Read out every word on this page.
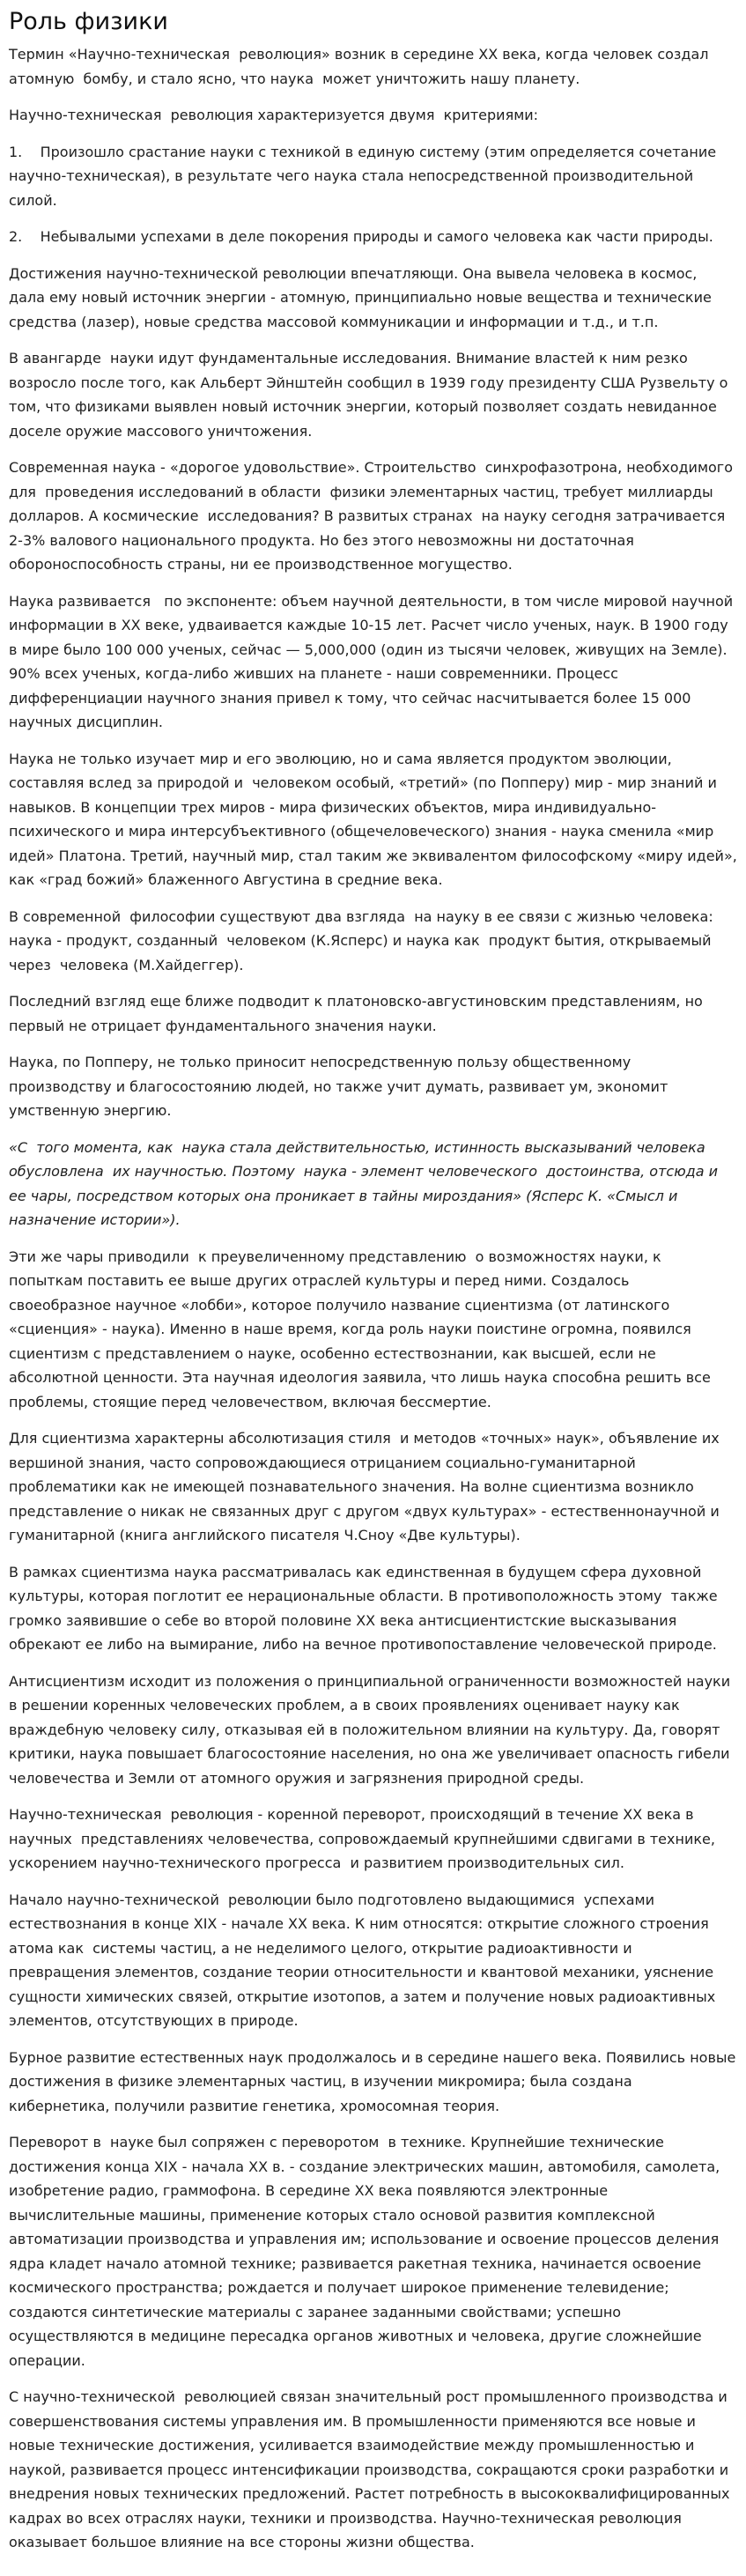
Роль физики

Термин «Научно-техническая  революция» возник в середине ХХ века, когда человек создал атомную  бомбу, и стало ясно, что наука  может уничтожить нашу планету.

Научно-техническая  революция характеризуется двумя  критериями:

1.    Произошло срастание науки с техникой в единую систему (этим определяется сочетание научно-техническая), в результате чего наука стала непосредственной производительной силой.

2.    Небывалыми успехами в деле покорения природы и самого человека как части природы.

Достижения научно-технической революции впечатляющи. Она вывела человека в космос, дала ему новый источник энергии - атомную, принципиально новые вещества и технические средства (лазер), новые средства массовой коммуникации и информации и т.д., и т.п.

В авангарде  науки идут фундаментальные исследования. Внимание властей к ним резко возросло после того, как Альберт Эйнштейн сообщил в 1939 году президенту США Рузвельту о том, что физиками выявлен новый источник энергии, который позволяет создать невиданное доселе оружие массового уничтожения.

Современная наука - «дорогое удовольствие». Строительство  синхрофазотрона, необходимого для  проведения исследований в области  физики элементарных частиц, требует миллиарды долларов. А космические  исследования? В развитых странах  на науку сегодня затрачивается 2-3% валового национального продукта. Но без этого невозможны ни достаточная обороноспособность страны, ни ее производственное могущество.

Наука развивается   по экспоненте: объем научной деятельности, в том числе мировой научной информации в ХХ веке, удваивается каждые 10-15 лет. Расчет число ученых, наук. В 1900 году в мире было 100 000 ученых, сейчас — 5,000,000 (один из тысячи человек, живущих на Земле). 90% всех ученых, когда-либо живших на планете - наши современники. Процесс дифференциации научного знания привел к тому, что сейчас насчитывается более 15 000 научных дисциплин.

Наука не только изучает мир и его эволюцию, но и сама является продуктом эволюции, составляя вслед за природой и  человеком особый, «третий» (по Попперу) мир - мир знаний и навыков. В концепции трех миров - мира физических объектов, мира индивидуально-психического и мира интерсубъективного (общечеловеческого) знания - наука сменила «мир идей» Платона. Третий, научный мир, стал таким же эквивалентом философскому «миру идей», как «град божий» блаженного Августина в средние века.

В современной  философии существуют два взгляда  на науку в ее связи с жизнью человека: наука - продукт, созданный  человеком (К.Ясперс) и наука как  продукт бытия, открываемый через  человека (М.Хайдеггер).

Последний взгляд еще ближе подводит к платоновско-августиновским представлениям, но первый не отрицает фундаментального значения науки.

Наука, по Попперу, не только приносит непосредственную пользу общественному производству и благосостоянию людей, но также учит думать, развивает ум, экономит умственную энергию.

«С  того момента, как  наука стала действительностью, истинность высказываний человека обусловлена  их научностью. Поэтому  наука - элемент человеческого  достоинства, отсюда и ее чары, посредством которых она проникает в тайны мироздания» (Ясперс К. «Смысл и назначение истории»).

Эти же чары приводили  к преувеличенному представлению  о возможностях науки, к попыткам поставить ее выше других отраслей культуры и перед ними. Создалось  своеобразное научное «лобби», которое получило название сциентизма (от латинского «сциенция» - наука). Именно в наше время, когда роль науки поистине огромна, появился сциентизм с представлением о науке, особенно естествознании, как высшей, если не абсолютной ценности. Эта научная идеология заявила, что лишь наука способна решить все проблемы, стоящие перед человечеством, включая бессмертие.

Для сциентизма характерны абсолютизация стиля  и методов «точных» наук», объявление их вершиной знания, часто сопровождающиеся отрицанием социально-гуманитарной проблематики как не имеющей познавательного значения. На волне сциентизма возникло представление о никак не связанных друг с другом «двух культурах» - естественнонаучной и гуманитарной (книга английского писателя Ч.Сноу «Две культуры).

В рамках сциентизма наука рассматривалась как единственная в будущем сфера духовной культуры, которая поглотит ее нерациональные области. В противоположность этому  также громко заявившие о себе во второй половине ХХ века антисциентистские высказывания обрекают ее либо на вымирание, либо на вечное противопоставление человеческой природе.

Антисциентизм исходит из положения о принципиальной ограниченности возможностей науки в решении коренных человеческих проблем, а в своих проявлениях оценивает науку как враждебную человеку силу, отказывая ей в положительном влиянии на культуру. Да, говорят критики, наука повышает благосостояние населения, но она же увеличивает опасность гибели человечества и Земли от атомного оружия и загрязнения природной среды.

Научно-техническая  революция - коренной переворот, происходящий в течение ХХ века в научных  представлениях человечества, сопровождаемый крупнейшими сдвигами в технике, ускорением научно-технического прогресса  и развитием производительных сил.

Начало научно-технической  революции было подготовлено выдающимися  успехами естествознания в конце XIX - начале ХХ века. К ним относятся: открытие сложного строения атома как  системы частиц, а не неделимого целого, открытие радиоактивности и превращения элементов, создание теории относительности и квантовой механики, уяснение сущности химических связей, открытие изотопов, а затем и получение новых радиоактивных элементов, отсутствующих в природе.

Бурное развитие естественных наук продолжалось и в середине нашего века. Появились новые достижения в физике элементарных частиц, в изучении микромира; была создана кибернетика, получили развитие генетика, хромосомная теория.

Переворот в  науке был сопряжен с переворотом  в технике. Крупнейшие технические достижения конца XIX - начала ХХ в. - создание электрических машин, автомобиля, самолета, изобретение радио, граммофона. В середине ХХ века появляются электронные вычислительные машины, применение которых стало основой развития комплексной автоматизации производства и управления им; использование и освоение процессов деления ядра кладет начало атомной технике; развивается ракетная техника, начинается освоение космического пространства; рождается и получает широкое применение телевидение; создаются синтетические материалы с заранее заданными свойствами; успешно осуществляются в медицине пересадка органов животных и человека, другие сложнейшие операции.

С научно-технической  революцией связан значительный рост промышленного производства и совершенствования системы управления им. В промышленности применяются все новые и новые технические достижения, усиливается взаимодействие между промышленностью и наукой, развивается процесс интенсификации производства, сокращаются сроки разработки и внедрения новых технических предложений. Растет потребность в высококвалифицированных кадрах во всех отраслях науки, техники и производства. Научно-техническая революция оказывает большое влияние на все стороны жизни общества.
